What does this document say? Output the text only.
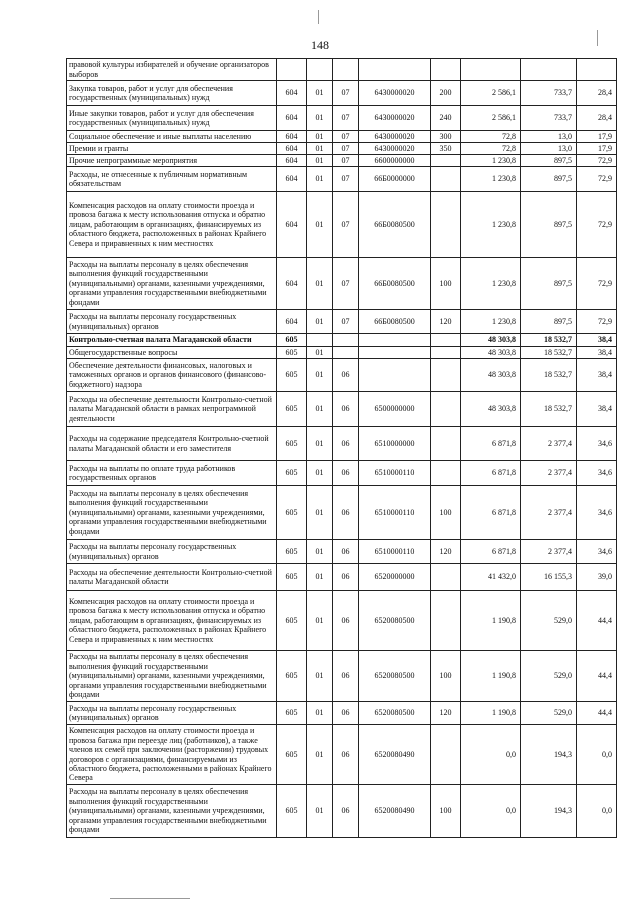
148
правовой культуры избирателей и обучение организаторов выборов								
Закупка товаров, работ и услуг для обеспечения государственных (муниципальных) нужд	604	01	07	6430000020	200	2 586,1	733,7	28,4
Иные закупки товаров, работ и услуг для обеспечения государственных (муниципальных) нужд	604	01	07	6430000020	240	2 586,1	733,7	28,4
Социальное обеспечение и иные выплаты населению	604	01	07	6430000020	300	72,8	13,0	17,9
Премии и гранты	604	01	07	6430000020	350	72,8	13,0	17,9
Прочие непрограммные мероприятия	604	01	07	6600000000		1 230,8	897,5	72,9
Расходы, не отнесенные к публичным нормативным обязательствам	604	01	07	66Б0000000		1 230,8	897,5	72,9
Компенсация расходов на оплату стоимости проезда и провоза багажа к месту использования отпуска и обратно лицам, работающим в организациях, финансируемых из областного бюджета, расположенных в районах Крайнего Севера и приравненных к ним местностях	604	01	07	66Б0080500		1 230,8	897,5	72,9
Расходы на выплаты персоналу в целях обеспечения выполнения функций государственными (муниципальными) органами, казенными учреждениями, органами управления государственными внебюджетными фондами	604	01	07	66Б0080500	100	1 230,8	897,5	72,9
Расходы на выплаты персоналу государственных (муниципальных) органов	604	01	07	66Б0080500	120	1 230,8	897,5	72,9
Контрольно-счетная палата Магаданской области	605					48 303,8	18 532,7	38,4
Общегосударственные вопросы	605	01				48 303,8	18 532,7	38,4
Обеспечение деятельности финансовых, налоговых и таможенных органов и органов финансового (финансово-бюджетного) надзора	605	01	06			48 303,8	18 532,7	38,4
Расходы на обеспечение деятельности Контрольно-счетной палаты Магаданской области в рамках непрограммной деятельности	605	01	06	6500000000		48 303,8	18 532,7	38,4
Расходы на содержание председателя Контрольно-счетной палаты Магаданской области и его заместителя	605	01	06	6510000000		6 871,8	2 377,4	34,6
Расходы на выплаты по оплате труда работников государственных органов	605	01	06	6510000110		6 871,8	2 377,4	34,6
Расходы на выплаты персоналу в целях обеспечения выполнения функций государственными (муниципальными) органами, казенными учреждениями, органами управления государственными внебюджетными фондами	605	01	06	6510000110	100	6 871,8	2 377,4	34,6
Расходы на выплаты персоналу государственных (муниципальных) органов	605	01	06	6510000110	120	6 871,8	2 377,4	34,6
Расходы на обеспечение деятельности Контрольно-счетной палаты Магаданской области	605	01	06	6520000000		41 432,0	16 155,3	39,0
Компенсация расходов на оплату стоимости проезда и провоза багажа к месту использования отпуска и обратно лицам, работающим в организациях, финансируемых из областного бюджета, расположенных в районах Крайнего Севера и приравненных к ним местностях	605	01	06	6520080500		1 190,8	529,0	44,4
Расходы на выплаты персоналу в целях обеспечения выполнения функций государственными (муниципальными) органами, казенными учреждениями, органами управления государственными внебюджетными фондами	605	01	06	6520080500	100	1 190,8	529,0	44,4
Расходы на выплаты персоналу государственных (муниципальных) органов	605	01	06	6520080500	120	1 190,8	529,0	44,4
Компенсация расходов на оплату стоимости проезда и провоза багажа при переезде лиц (работников), а также членов их семей при заключении (расторжении) трудовых договоров с организациями, финансируемыми из областного бюджета, расположенными в районах Крайнего Севера	605	01	06	6520080490		0,0	194,3	0,0
Расходы на выплаты персоналу в целях обеспечения выполнения функций государственными (муниципальными) органами, казенными учреждениями, органами управления государственными внебюджетными фондами	605	01	06	6520080490	100	0,0	194,3	0,0
